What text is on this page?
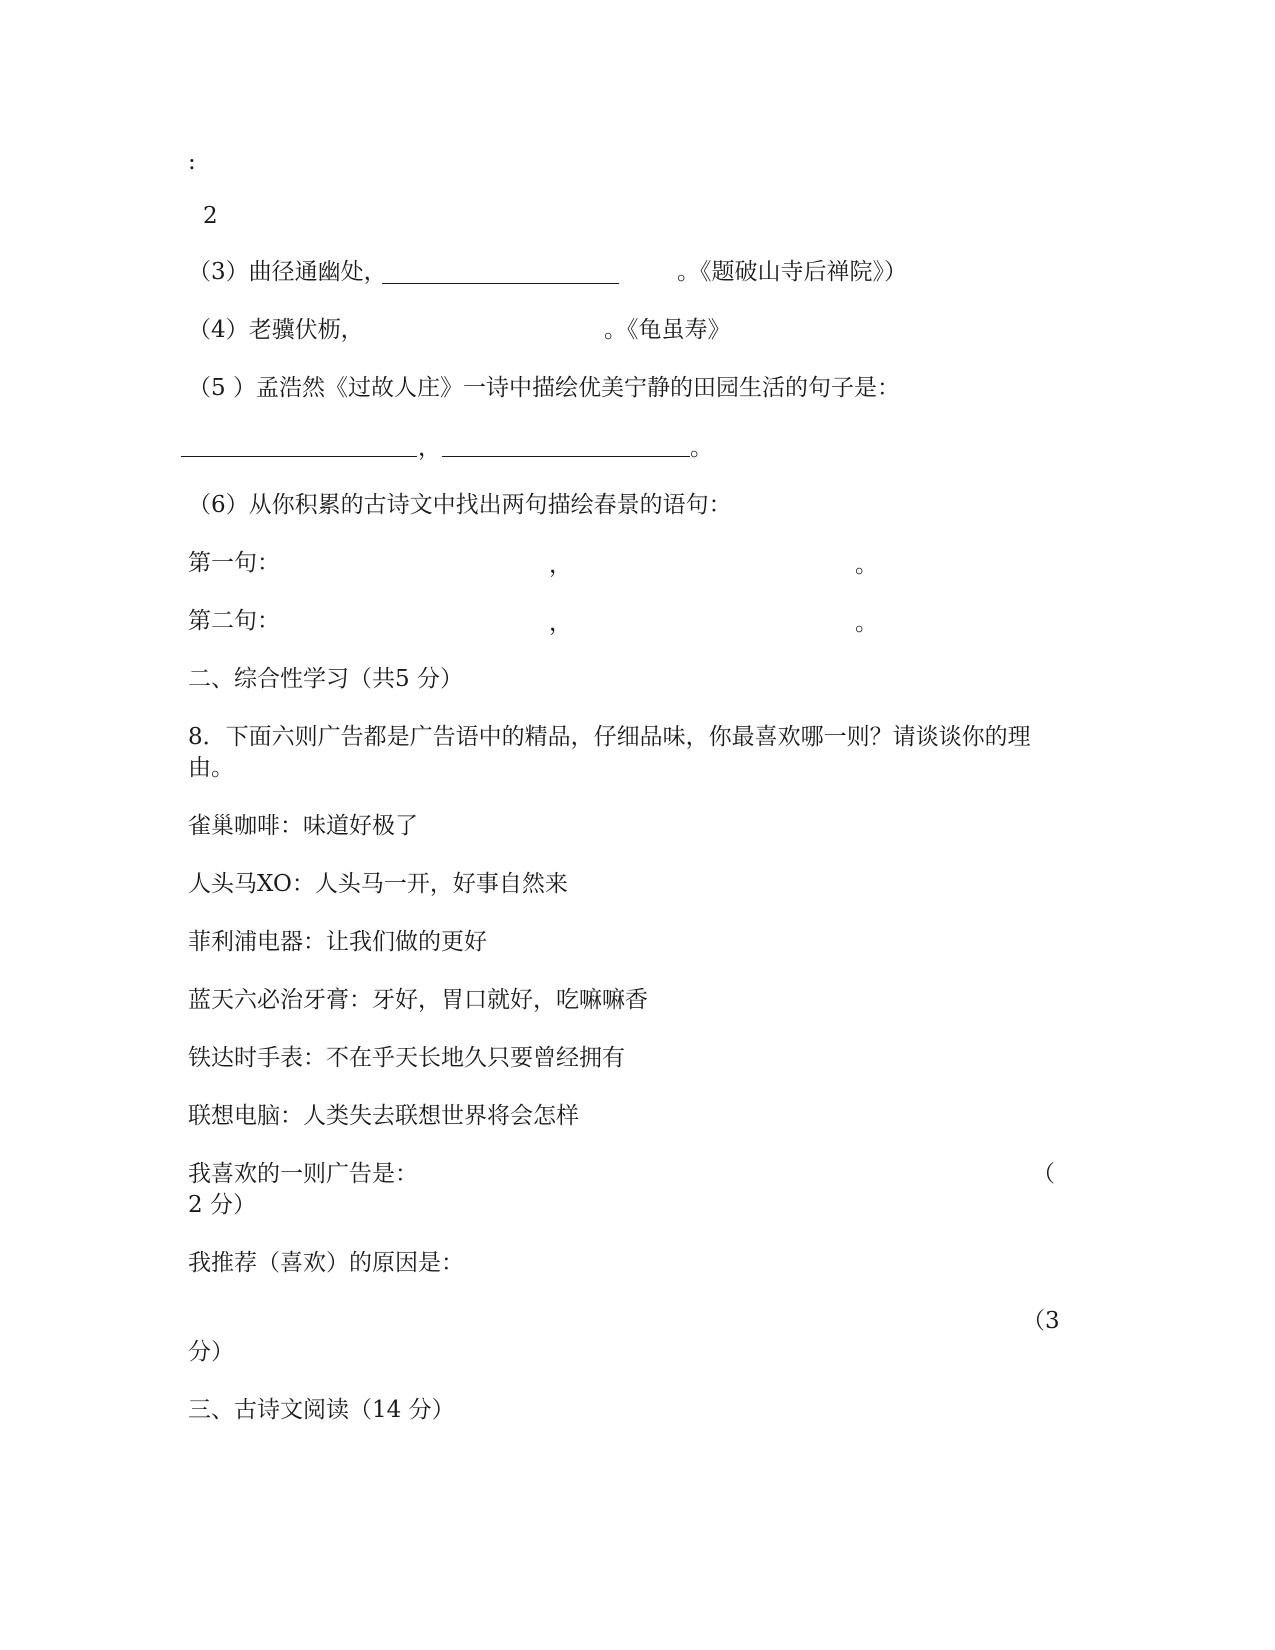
:
2
（3）曲径通幽处，	。《题破山寺后禅院》）
（4）老骥伏枥，	。《龟虽寿》
（5 ）孟浩然《过故人庄》一诗中描绘优美宁静的田园生活的句子是：
，	。
（6）从你积累的古诗文中找出两句描绘春景的语句：
第一句：	，	。
第二句：	，	。
二、综合性学习（共5 分）
8．下面六则广告都是广告语中的精品，仔细品味，你最喜欢哪一则？请谈谈你的理
由。
雀巢咖啡：味道好极了
人头马XO：人头马一开，好事自然来
菲利浦电器：让我们做的更好
蓝天六必治牙膏：牙好，胃口就好，吃嘛嘛香
铁达时手表：不在乎天长地久只要曾经拥有
联想电脑：人类失去联想世界将会怎样
我喜欢的一则广告是：	（
2 分）
我推荐（喜欢）的原因是：
（3
分）
三、古诗文阅读（14 分）
